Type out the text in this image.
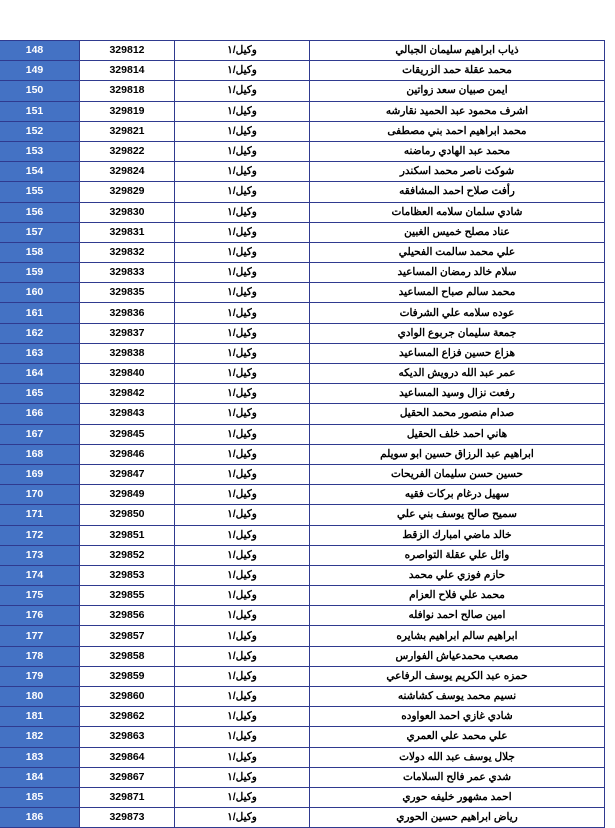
ذياب ابراهيم سليمان الجبالي	وكيل/١	329812	148
محمد عقلة حمد الزريقات	وكيل/١	329814	149
ايمن صبيان سعد زواتين	وكيل/١	329818	150
اشرف محمود عبد الحميد نقارشه	وكيل/١	329819	151
محمد ابراهيم احمد بني مصطفى	وكيل/١	329821	152
محمد عبد الهادي رماضنه	وكيل/١	329822	153
شوكت ناصر محمد اسكندر	وكيل/١	329824	154
رأفت صلاح احمد المشافقه	وكيل/١	329829	155
شادي سلمان سلامه العظامات	وكيل/١	329830	156
عناد مصلح خميس الغبين	وكيل/١	329831	157
علي محمد سالمت الفحيلي	وكيل/١	329832	158
سلام خالد رمضان المساعيد	وكيل/١	329833	159
محمد سالم صباح المساعيد	وكيل/١	329835	160
عوده سلامه علي الشرفات	وكيل/١	329836	161
جمعة سليمان جربوع الوادي	وكيل/١	329837	162
هزاع حسين فزاع المساعيد	وكيل/١	329838	163
عمر عبد الله درويش الديكه	وكيل/١	329840	164
رفعت نزال وسيد المساعيد	وكيل/١	329842	165
صدام منصور محمد الحقيل	وكيل/١	329843	166
هاني احمد خلف الحقيل	وكيل/١	329845	167
ابراهيم عبد الرزاق حسين ابو سويلم	وكيل/١	329846	168
حسين حسن سليمان الفريحات	وكيل/١	329847	169
سهيل درغام بركات فقيه	وكيل/١	329849	170
سميح صالح يوسف بني علي	وكيل/١	329850	171
خالد ماضي امبارك الزقط	وكيل/١	329851	172
وائل علي عقلة التواصره	وكيل/١	329852	173
حازم فوزي علي محمد	وكيل/١	329853	174
محمد علي فلاح العزام	وكيل/١	329855	175
امين صالح احمد نوافله	وكيل/١	329856	176
ابراهيم سالم ابراهيم بشايره	وكيل/١	329857	177
مصعب محمدعياش الفوارس	وكيل/١	329858	178
حمزه عبد الكريم يوسف الرفاعي	وكيل/١	329859	179
نسيم محمد يوسف كشاشنه	وكيل/١	329860	180
شادي غازي احمد العواوده	وكيل/١	329862	181
علي محمد علي العمري	وكيل/١	329863	182
جلال يوسف عبد الله دولات	وكيل/١	329864	183
شدي عمر فالح السلامات	وكيل/١	329867	184
احمد مشهور خليفه حوري	وكيل/١	329871	185
رياض ابراهيم حسين الحوري	وكيل/١	329873	186
